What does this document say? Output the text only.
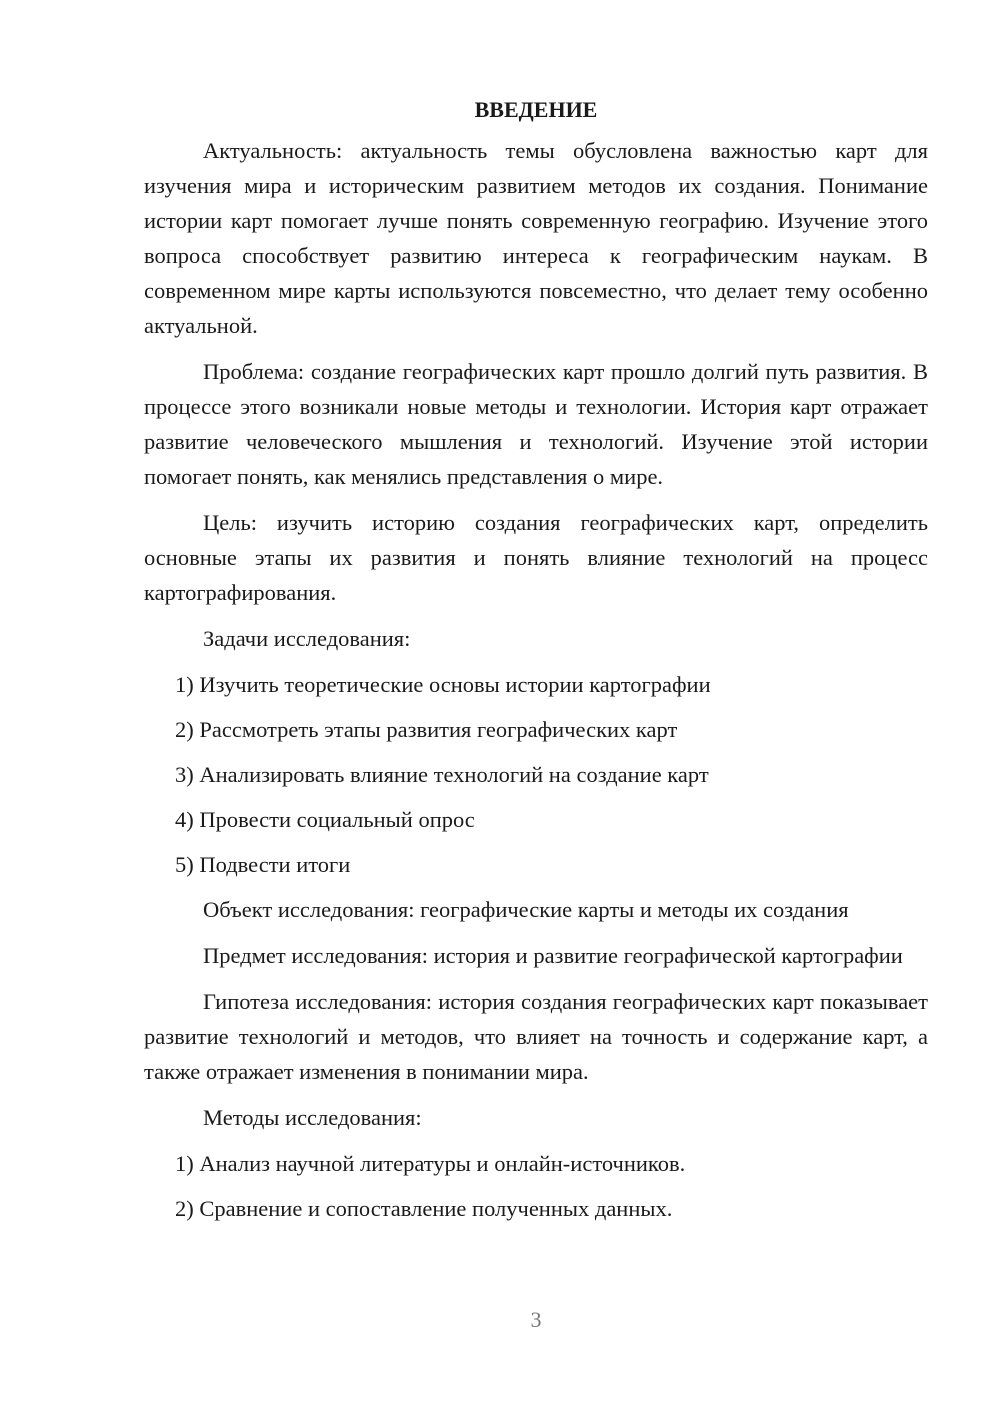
ВВЕДЕНИЕ

Актуальность: актуальность темы обусловлена важностью карт для изучения мира и историческим развитием методов их создания. Понимание истории карт помогает лучше понять современную географию. Изучение этого вопроса способствует развитию интереса к географическим наукам. В современном мире карты используются повсеместно, что делает тему особенно актуальной.

Проблема: создание географических карт прошло долгий путь развития. В процессе этого возникали новые методы и технологии. История карт отражает развитие человеческого мышления и технологий. Изучение этой истории помогает понять, как менялись представления о мире.

Цель: изучить историю создания географических карт, определить основные этапы их развития и понять влияние технологий на процесс картографирования.

Задачи исследования:

1) Изучить теоретические основы истории картографии
2) Рассмотреть этапы развития географических карт
3) Анализировать влияние технологий на создание карт
4) Провести социальный опрос
5) Подвести итоги

Объект исследования: географические карты и методы их создания

Предмет исследования: история и развитие географической картографии

Гипотеза исследования: история создания географических карт показывает развитие технологий и методов, что влияет на точность и содержание карт, а также отражает изменения в понимании мира.

Методы исследования:

1) Анализ научной литературы и онлайн-источников.
2) Сравнение и сопоставление полученных данных.
3
